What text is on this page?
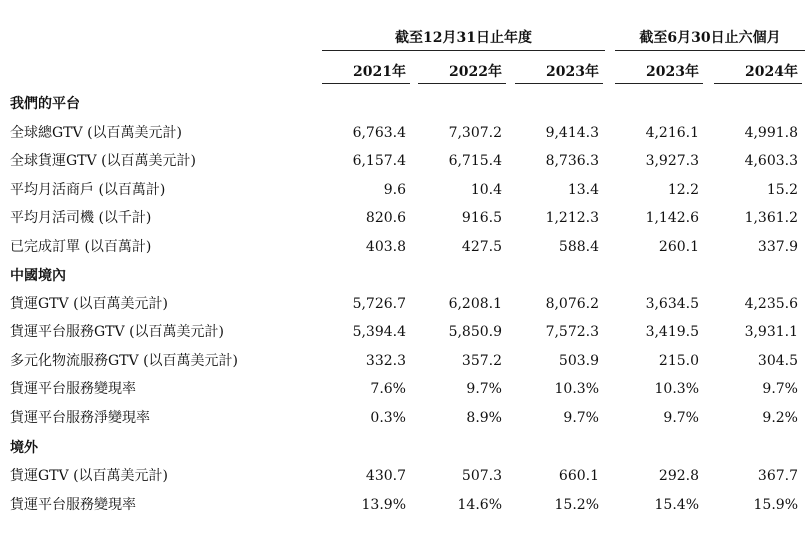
截至12月31日止年度	截至6月30日止六個月
2021年	2022年	2023年	2023年	2024年
我們的平台
全球總GTV (以百萬美元計)	6,763.4	7,307.2	9,414.3	4,216.1	4,991.8
全球貨運GTV (以百萬美元計)	6,157.4	6,715.4	8,736.3	3,927.3	4,603.3
平均月活商戶 (以百萬計)	9.6	10.4	13.4	12.2	15.2
平均月活司機 (以千計)	820.6	916.5	1,212.3	1,142.6	1,361.2
已完成訂單 (以百萬計)	403.8	427.5	588.4	260.1	337.9
中國境內
貨運GTV (以百萬美元計)	5,726.7	6,208.1	8,076.2	3,634.5	4,235.6
貨運平台服務GTV (以百萬美元計)	5,394.4	5,850.9	7,572.3	3,419.5	3,931.1
多元化物流服務GTV (以百萬美元計)	332.3	357.2	503.9	215.0	304.5
貨運平台服務變現率	7.6%	9.7%	10.3%	10.3%	9.7%
貨運平台服務淨變現率	0.3%	8.9%	9.7%	9.7%	9.2%
境外
貨運GTV (以百萬美元計)	430.7	507.3	660.1	292.8	367.7
貨運平台服務變現率	13.9%	14.6%	15.2%	15.4%	15.9%
